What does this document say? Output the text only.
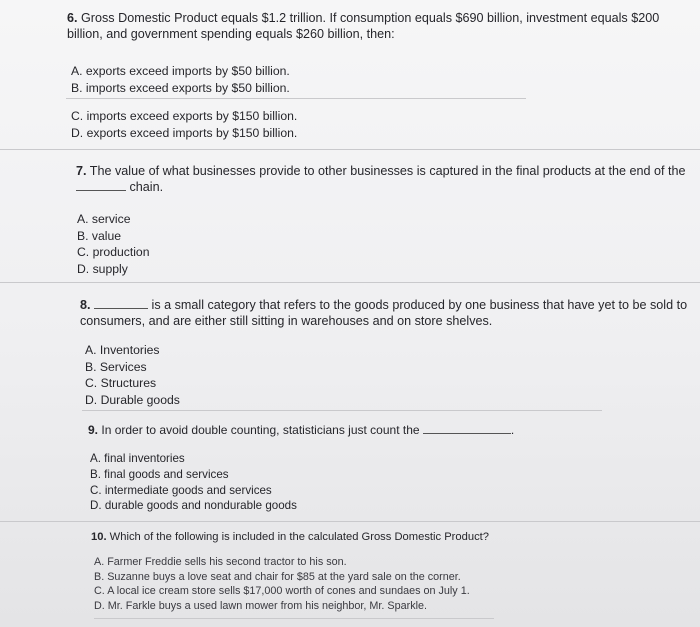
6. Gross Domestic Product equals $1.2 trillion. If consumption equals $690 billion, investment equals $200
billion, and government spending equals $260 billion, then:
A. exports exceed imports by $50 billion.
B. imports exceed exports by $50 billion.
C. imports exceed exports by $150 billion.
D. exports exceed imports by $150 billion.
7. The value of what businesses provide to other businesses is captured in the final products at the end of the
chain.
A. service
B. value
C. production
D. supply
8.	is a small category that refers to the goods produced by one business that have yet to be sold to
consumers, and are either still sitting in warehouses and on store shelves.
A. Inventories
B. Services
C. Structures
D. Durable goods
9. In order to avoid double counting, statisticians just count the	.
A. final inventories
B. final goods and services
C. intermediate goods and services
D. durable goods and nondurable goods
10. Which of the following is included in the calculated Gross Domestic Product?
A. Farmer Freddie sells his second tractor to his son.
B. Suzanne buys a love seat and chair for $85 at the yard sale on the corner.
C. A local ice cream store sells $17,000 worth of cones and sundaes on July 1.
D. Mr. Farkle buys a used lawn mower from his neighbor, Mr. Sparkle.
